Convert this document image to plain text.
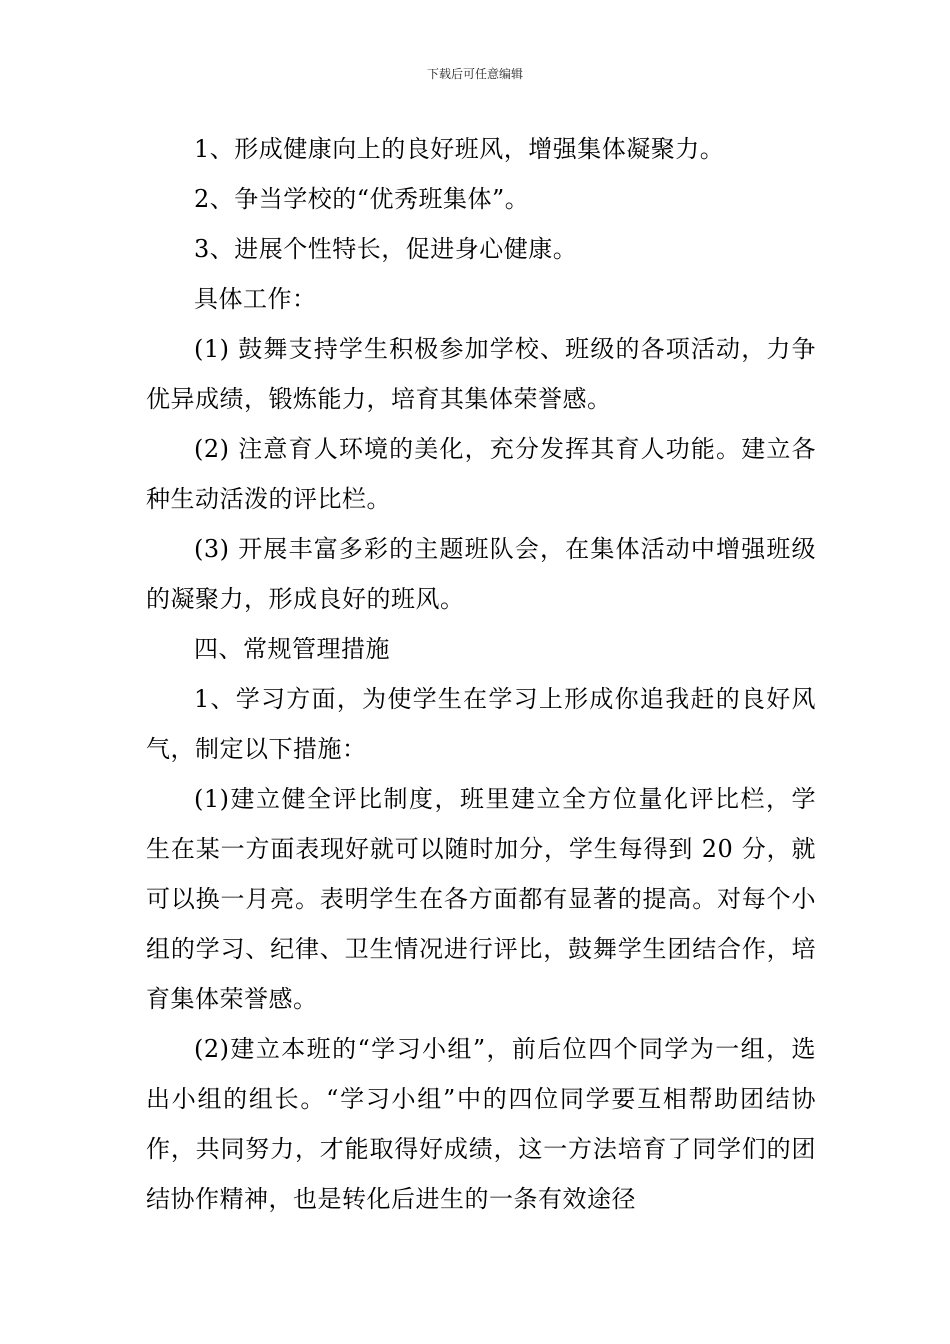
下载后可任意编辑

1、形成健康向上的良好班风，增强集体凝聚力。

2、争当学校的“优秀班集体”。

3、进展个性特长，促进身心健康。

具体工作：

(1) 鼓舞支持学生积极参加学校、班级的各项活动，力争优异成绩，锻炼能力，培育其集体荣誉感。

(2) 注意育人环境的美化，充分发挥其育人功能。建立各种生动活泼的评比栏。

(3) 开展丰富多彩的主题班队会，在集体活动中增强班级的凝聚力，形成良好的班风。

四、常规管理措施

1、学习方面，为使学生在学习上形成你追我赶的良好风气，制定以下措施：

(1)建立健全评比制度，班里建立全方位量化评比栏，学生在某一方面表现好就可以随时加分，学生每得到 20 分，就可以换一月亮。表明学生在各方面都有显著的提高。对每个小组的学习、纪律、卫生情况进行评比，鼓舞学生团结合作，培育集体荣誉感。

(2)建立本班的“学习小组”，前后位四个同学为一组，选出小组的组长。“学习小组”中的四位同学要互相帮助团结协作，共同努力，才能取得好成绩，这一方法培育了同学们的团结协作精神，也是转化后进生的一条有效途径
